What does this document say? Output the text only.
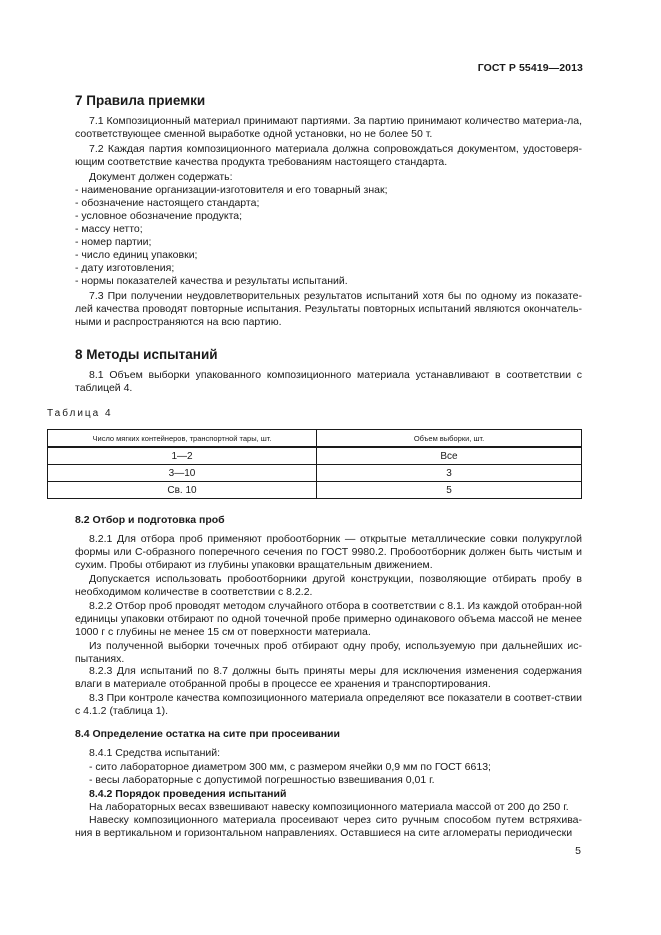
ГОСТ Р 55419—2013
7 Правила приемки
7.1 Композиционный материал принимают партиями. За партию принимают количество материа-ла, соответствующее сменной выработке одной установки, но не более 50 т.
7.2 Каждая партия композиционного материала должна сопровождаться документом, удостоверя-ющим соответствие качества продукта требованиям настоящего стандарта.
Документ должен содержать:
- наименование организации-изготовителя и его товарный знак;
- обозначение настоящего стандарта;
- условное обозначение продукта;
- массу нетто;
- номер партии;
- число единиц упаковки;
- дату изготовления;
- нормы показателей качества и результаты испытаний.
7.3 При получении неудовлетворительных результатов испытаний хотя бы по одному из показате-лей качества проводят повторные испытания. Результаты повторных испытаний являются окончатель-ными и распространяются на всю партию.
8 Методы испытаний
8.1 Объем выборки упакованного композиционного материала устанавливают в соответствии с таблицей 4.
Таблица 4
Число мягких контейнеров, транспортной тары, шт.	Объем выборки, шт.
1—2	Все
3—10	3
Св. 10	5
8.2 Отбор и подготовка проб
8.2.1 Для отбора проб применяют пробоотборник — открытые металлические совки полукруглой формы или С-образного поперечного сечения по ГОСТ 9980.2. Пробоотборник должен быть чистым и сухим. Пробы отбирают из глубины упаковки вращательным движением.
Допускается использовать пробоотборники другой конструкции, позволяющие отбирать пробу в необходимом количестве в соответствии с 8.2.2.
8.2.2 Отбор проб проводят методом случайного отбора в соответствии с 8.1. Из каждой отобран-ной единицы упаковки отбирают по одной точечной пробе примерно одинакового объема массой не менее 1000 г с глубины не менее 15 см от поверхности материала.
Из полученной выборки точечных проб отбирают одну пробу, используемую при дальнейших ис-пытаниях.
8.2.3 Для испытаний по 8.7 должны быть приняты меры для исключения изменения содержания влаги в материале отобранной пробы в процессе ее хранения и транспортирования.
8.3 При контроле качества композиционного материала определяют все показатели в соответ-ствии с 4.1.2 (таблица 1).
8.4 Определение остатка на сите при просеивании
8.4.1 Средства испытаний:
- сито лабораторное диаметром 300 мм, с размером ячейки 0,9 мм по ГОСТ 6613;
- весы лабораторные с допустимой погрешностью взвешивания 0,01 г.
8.4.2 Порядок проведения испытаний
На лабораторных весах взвешивают навеску композиционного материала массой от 200 до 250 г.
Навеску композиционного материала просеивают через сито ручным способом путем встряхива-ния в вертикальном и горизонтальном направлениях. Оставшиеся на сите агломераты периодически
5
